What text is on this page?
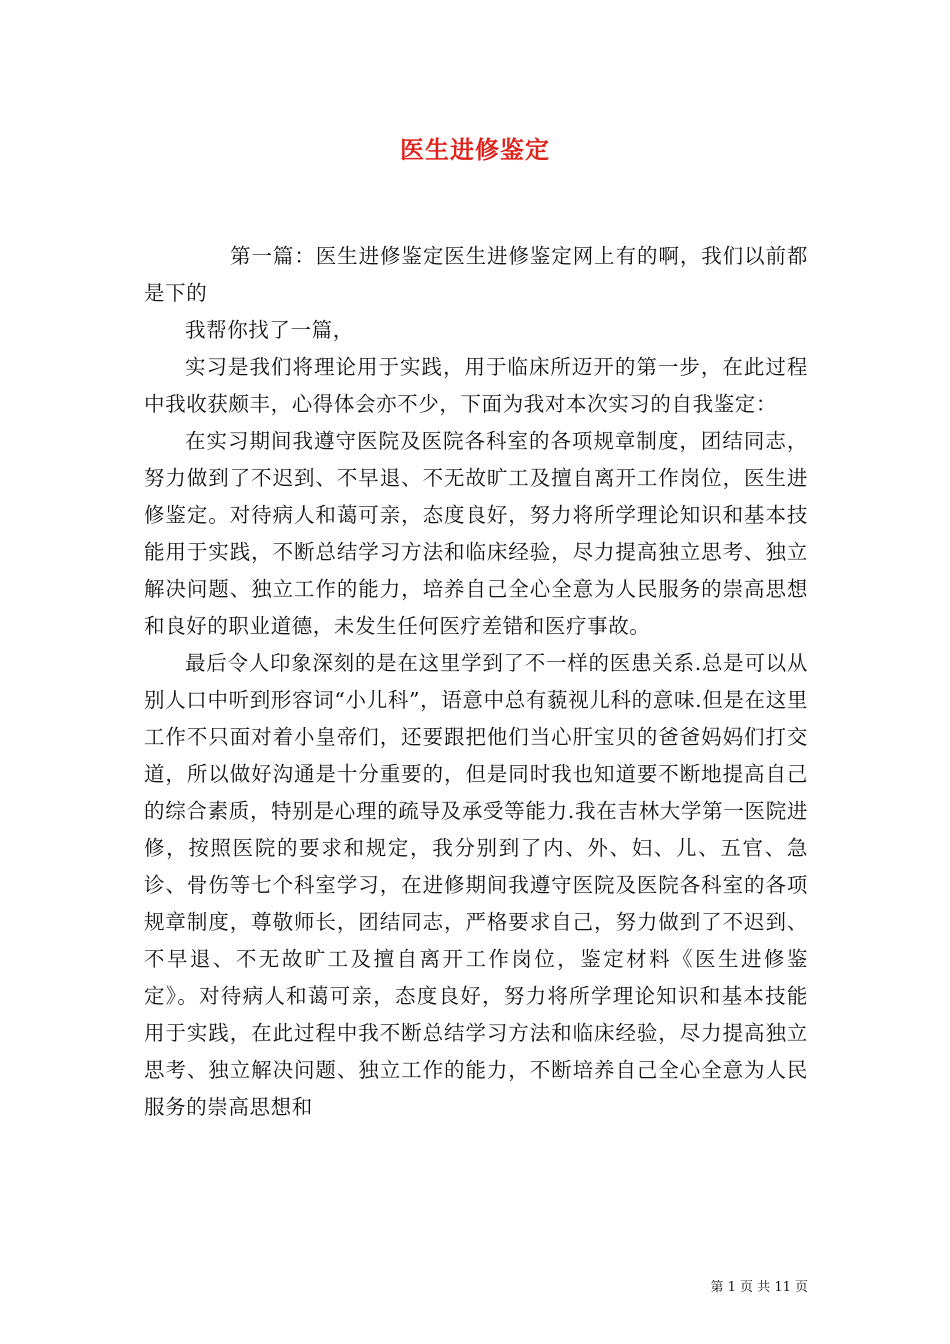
医生进修鉴定

第一篇：医生进修鉴定医生进修鉴定网上有的啊，我们以前都是下的

我帮你找了一篇，

实习是我们将理论用于实践，用于临床所迈开的第一步，在此过程中我收获颇丰，心得体会亦不少，下面为我对本次实习的自我鉴定：

在实习期间我遵守医院及医院各科室的各项规章制度，团结同志，努力做到了不迟到、不早退、不无故旷工及擅自离开工作岗位，医生进修鉴定。对待病人和蔼可亲，态度良好，努力将所学理论知识和基本技能用于实践，不断总结学习方法和临床经验，尽力提高独立思考、独立解决问题、独立工作的能力，培养自己全心全意为人民服务的崇高思想和良好的职业道德，未发生任何医疗差错和医疗事故。

最后令人印象深刻的是在这里学到了不一样的医患关系.总是可以从别人口中听到形容词“小儿科”，语意中总有藐视儿科的意味.但是在这里工作不只面对着小皇帝们，还要跟把他们当心肝宝贝的爸爸妈妈们打交道，所以做好沟通是十分重要的，但是同时我也知道要不断地提高自己的综合素质，特别是心理的疏导及承受等能力.我在吉林大学第一医院进修，按照医院的要求和规定，我分别到了内、外、妇、儿、五官、急诊、骨伤等七个科室学习，在进修期间我遵守医院及医院各科室的各项规章制度，尊敬师长，团结同志，严格要求自己，努力做到了不迟到、不早退、不无故旷工及擅自离开工作岗位，鉴定材料《医生进修鉴定》。对待病人和蔼可亲，态度良好，努力将所学理论知识和基本技能用于实践，在此过程中我不断总结学习方法和临床经验，尽力提高独立思考、独立解决问题、独立工作的能力，不断培养自己全心全意为人民服务的崇高思想和

第 1 页 共 11 页
